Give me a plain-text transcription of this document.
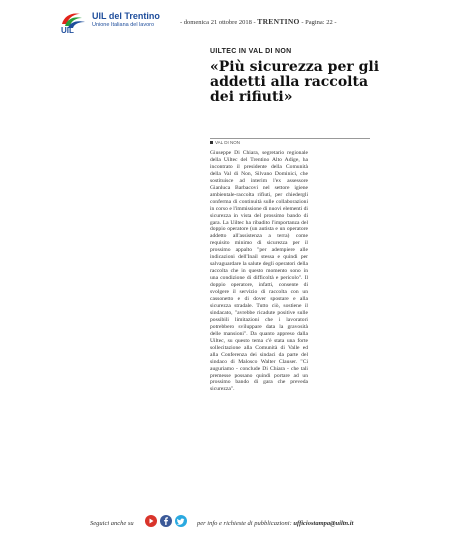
UIL
UIL del Trentino
Unione Italiana del lavoro	- domenica 21 ottobre 2018 - TRENTINO - Pagina: 22 -
UILTEC IN VAL DI NON
«Più sicurezza per gli addetti alla raccolta dei rifiuti»
VAL DI NON

Giuseppe Di Chiara, segretario regionale della Uiltec del Trentino Alto Adige, ha incontrato il presidente della Comunità della Val di Non, Silvano Dominici, che sostituisce ad interim l'ex assessore Gianluca Barbacovi nel settore igiene ambientale-raccolta rifiuti, per chiedergli conferma di continuità sulle collaborazioni in corso e l'immissione di nuovi elementi di sicurezza in vista del prossimo bando di gara. La Uiltec ha ribadito l'importanza del doppio operatore (un autista e un operatore addetto all'assistenza a terra) come requisito minimo di sicurezza per il prossimo appalto "per adempiere alle indicazioni dell'Inail stessa e quindi per salvaguardare la salute degli operatori della raccolta che in questo momento sono in una condizione di difficoltà e pericolo". Il doppio operatore, infatti, consente di svolgere il servizio di raccolta con un cassonetto e di dover spostare e alla sicurezza stradale. Tutto ciò, sostiene il sindacato, "avrebbe ricadute positive sulle possibili limitazioni che i lavoratori potrebbero sviluppare data la gravosità delle mansioni". Da quanto appreso dalla Uiltec, su questo tema c'è stata una forte sollecitazione alla Comunità di Valle ed alla Conferenza dei sindaci da parte del sindaco di Malosco Walter Clauser. "Ci auguriamo - conclude Di Chiara - che tali premesse possano quindi portare ad un prossimo bando di gara che preveda sicurezza".

Seguici anche su	per info e richieste di pubblicazioni: ufficiostampa@uiltn.it
